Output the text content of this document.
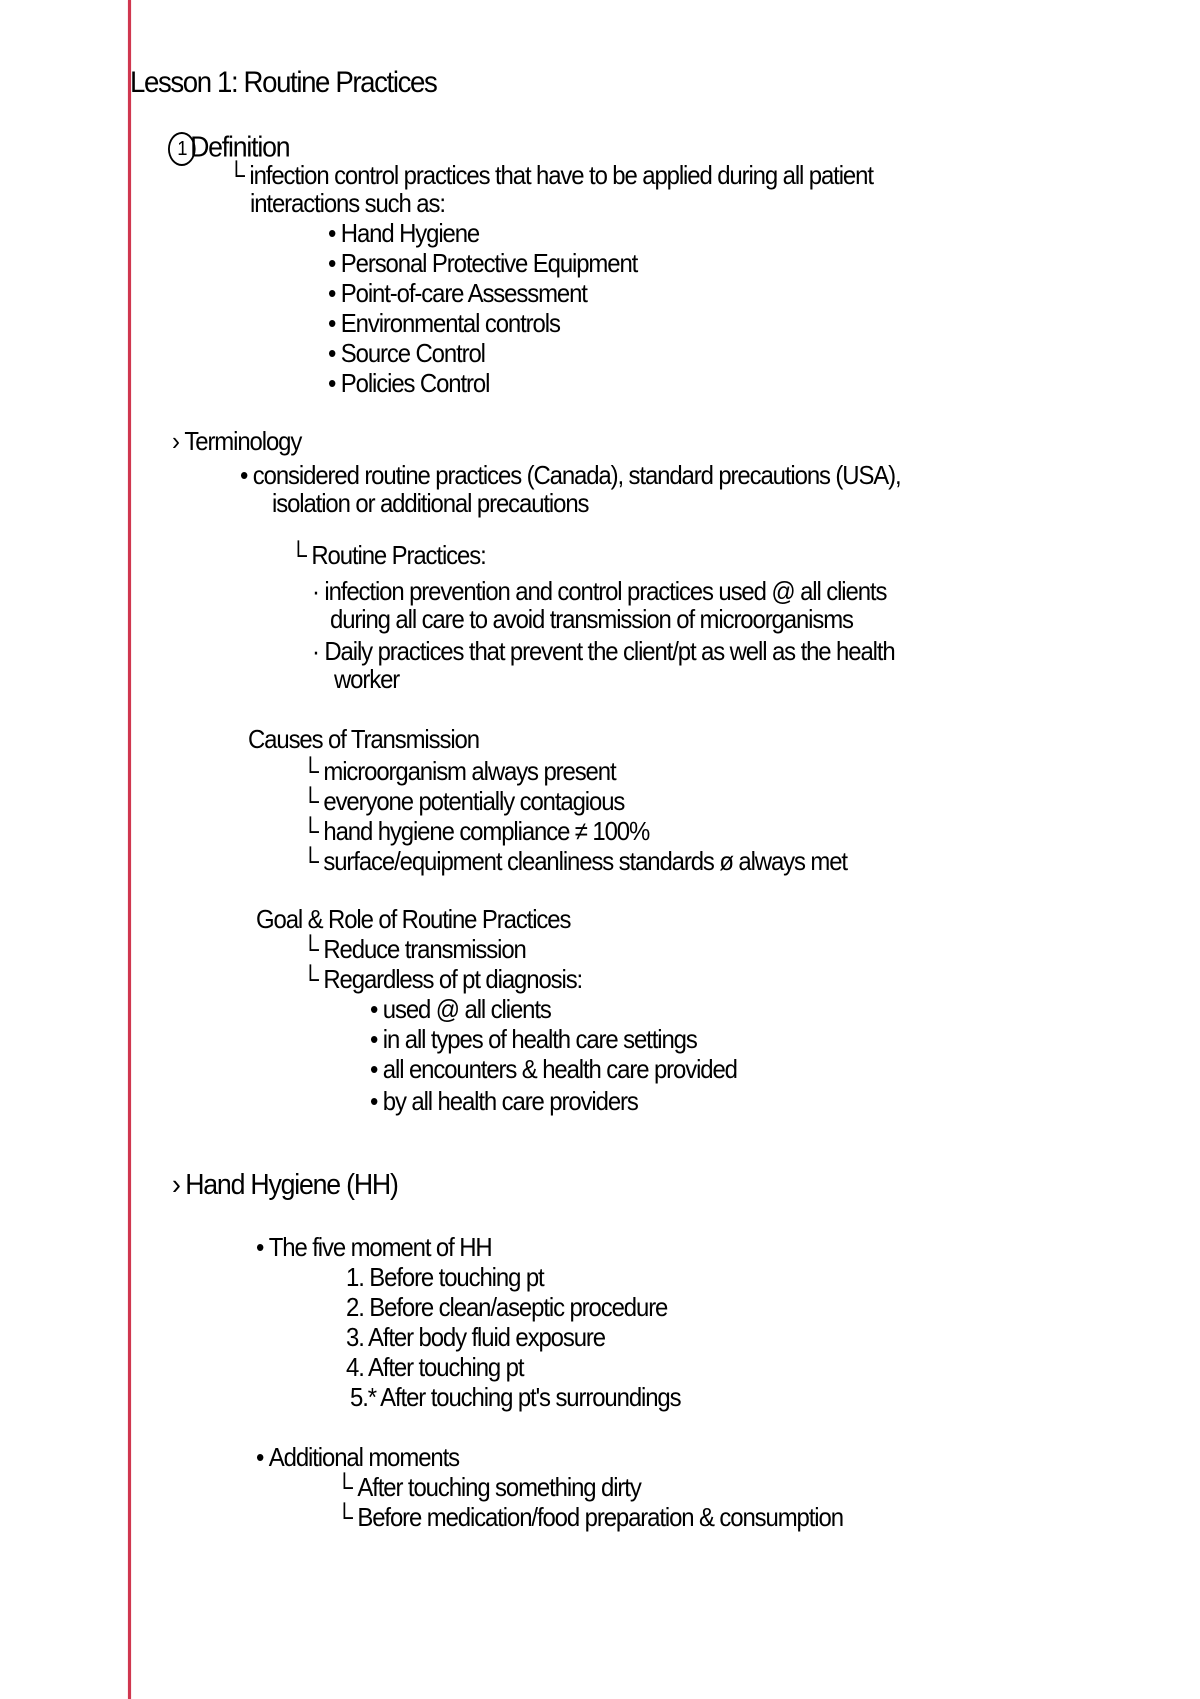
Lesson 1: Routine Practices
1 Definition
└ infection control practices that have to be applied during all patient
interactions such as:
• Hand Hygiene
• Personal Protective Equipment
• Point-of-care Assessment
• Environmental controls
• Source Control
• Policies Control
› Terminology
• considered routine practices (Canada), standard precautions (USA),
isolation or additional precautions
└ Routine Practices:
· infection prevention and control practices used @ all clients
during all care to avoid transmission of microorganisms
· Daily practices that prevent the client/pt as well as the health
worker
Causes of Transmission
└ microorganism always present
└ everyone potentially contagious
└ hand hygiene compliance ≠ 100%
└ surface/equipment cleanliness standards ø always met
Goal & Role of Routine Practices
└ Reduce transmission
└ Regardless of pt diagnosis:
• used @ all clients
• in all types of health care settings
• all encounters & health care provided
• by all health care providers
› Hand Hygiene (HH)
• The five moment of HH
1. Before touching pt
2. Before clean/aseptic procedure
3. After body fluid exposure
4. After touching pt
5.* After touching pt's surroundings
• Additional moments
└ After touching something dirty
└ Before medication/food preparation & consumption
